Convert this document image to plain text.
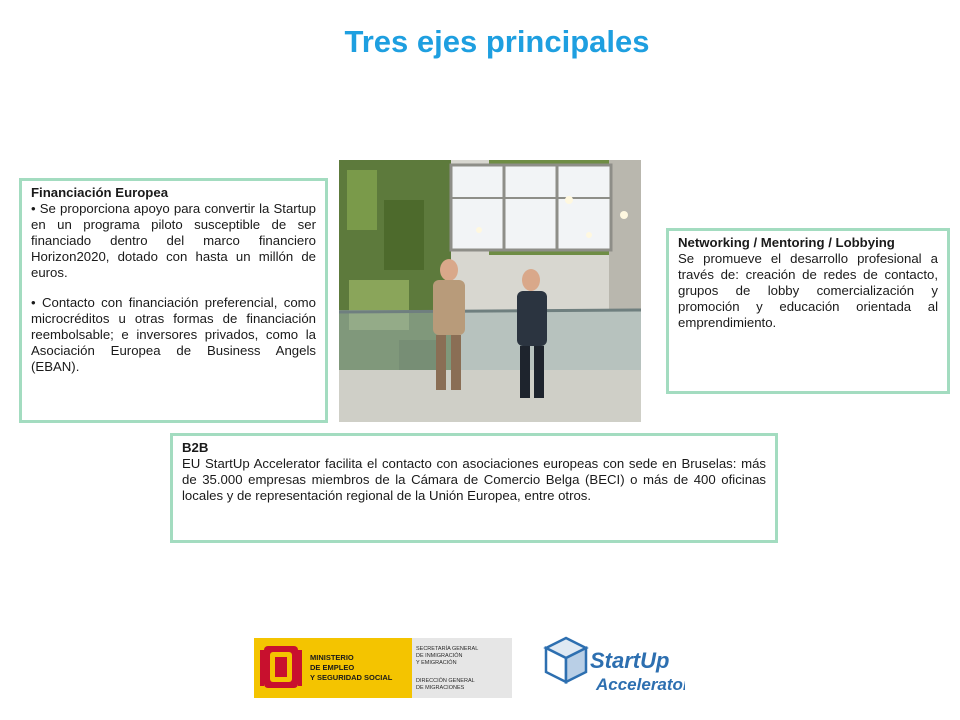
Tres ejes principales
Financiación Europea

• Se proporciona apoyo para convertir la Startup en un programa piloto susceptible de ser financiado dentro del marco financiero Horizon2020, dotado con hasta un millón de euros.

• Contacto con financiación preferencial, como microcréditos u otras formas de financiación reembolsable; e inversores privados, como la Asociación Europea de Business Angels (EBAN).

Networking / Mentoring / Lobbying

Se promueve el desarrollo profesional a través de: creación de redes de contacto, grupos de lobby comercialización y promoción y educación orientada al emprendimiento.

B2B

EU StartUp Accelerator facilita el contacto con asociaciones europeas con sede en Bruselas: más de 35.000 empresas miembros de la Cámara de Comercio Belga (BECI) o más de 400 oficinas locales y de representación regional de la Unión Europea, entre otros.

MINISTERIO
DE EMPLEO
Y SEGURIDAD SOCIAL
SECRETARÍA GENERAL
DE INMIGRACIÓN
Y EMIGRACIÓN
DIRECCIÓN GENERAL
DE MIGRACIONES
StartUp
Accelerator
